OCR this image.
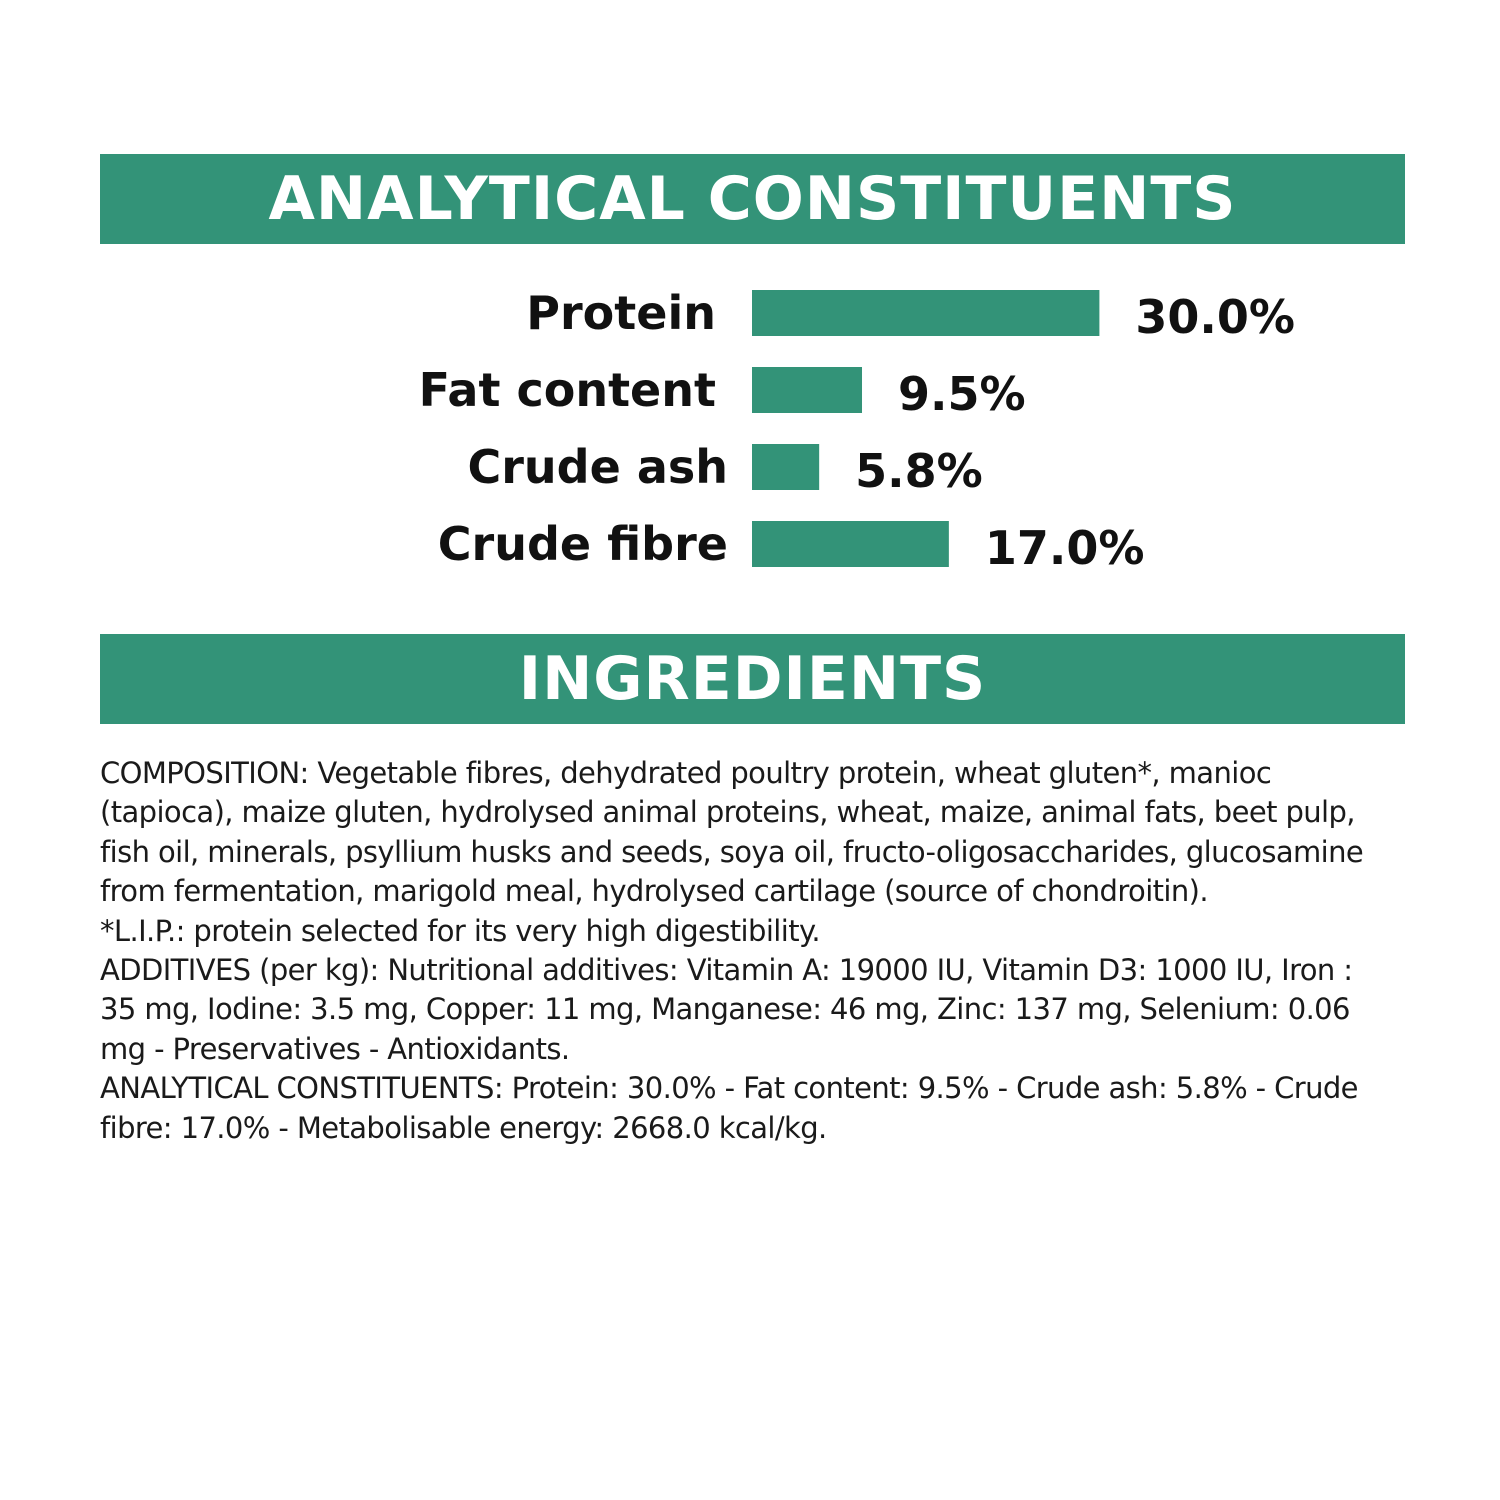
ANALYTICAL CONSTITUENTS
Protein	30.0%
Fat content	9.5%
Crude ash	5.8%
Crude fibre	17.0%
INGREDIENTS

COMPOSITION: Vegetable fibres, dehydrated poultry protein, wheat gluten*, manioc (tapioca), maize gluten, hydrolysed animal proteins, wheat, maize, animal fats, beet pulp, fish oil, minerals, psyllium husks and seeds, soya oil, fructo-oligosaccharides, glucosamine from fermentation, marigold meal, hydrolysed cartilage (source of chondroitin).

*L.I.P.: protein selected for its very high digestibility.

ADDITIVES (per kg): Nutritional additives: Vitamin A: 19000 IU, Vitamin D3: 1000 IU, Iron : 35 mg, Iodine: 3.5 mg, Copper: 11 mg, Manganese: 46 mg, Zinc: 137 mg, Selenium: 0.06 mg - Preservatives - Antioxidants.

ANALYTICAL CONSTITUENTS: Protein: 30.0% - Fat content: 9.5% - Crude ash: 5.8% - Crude fibre: 17.0% - Metabolisable energy: 2668.0 kcal/kg.
